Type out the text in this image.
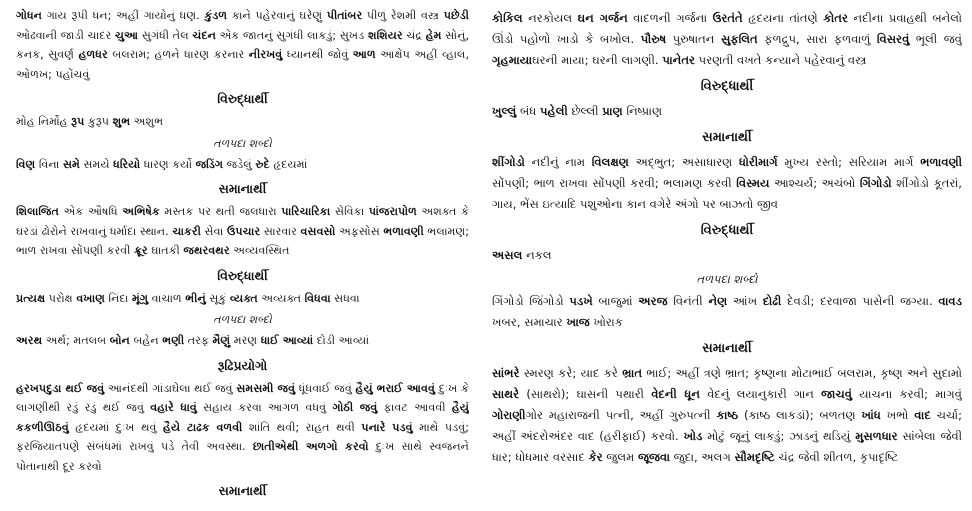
ગોધન ગાય રૂપી ધન; અહીં ગાયોનું ધણ. કુંડળ કાને પહેરવાનું ઘરેણું પીતાંબર પીળું રેશમી વસ્ત્ર પછેડી ઓઢવાની જાડી ચાદર ચુઆ સુગંધી તેલ ચંદન એક જાતનું સુગંધી લાકડું; સુખડ શશિયર ચંદ્ર હેમ સોનું, કનક, સુવર્ણ હળધર બલરામ; હળને ધારણ કરનાર નીરખવું ધ્યાનથી જોવું આળ આક્ષેપ અહીં વ્હાલ, ઓળખ; પહોંચવું

વિરુદ્ધાર્થી

મોહ નિર્મોહ રૂપ કુરૂપ શુભ અશુભ

તળપદા શબ્દો

વિણ વિના સમે સમયે ધરિયો ધારણ કર્યો જડિંગ જડેલું રુદે હૃદયમાં

સમાનાર્થી

શિલાજિત એક ઔષધિ અભિષેક મસ્તક પર થતી જલધારા પારિચારિકા સેવિકા પાંજરાપોળ અશક્ત કે ઘરડાં ઢોરોને રાખવાનું ધર્માદા સ્થાન. ચાકરી સેવા ઉપચાર સારવાર વસવસો અફસોસ ભળાવણી ભલામણ; ભાળ રાખવા સોંપણી કરવી ક્રૂર ઘાતકી જથરવથર અવ્યવસ્થિત

વિરુદ્ધાર્થી

પ્રત્યક્ષ પરોક્ષ વખાણ નિંદા મૂંગુ વાચાળ ભીનું સૂકું વ્યક્ત અવ્યક્ત વિધવા સધવા

તળપદા શબ્દો

અરથ અર્થ; મતલબ બોન બહેન ભણી તરફ મૈણું મરણ ધાઈ આવ્યાં દોડી આવ્યાં

રૂઢિપ્રયોગો

હરખપદુડા થઈ જવું આનંદથી ગાંડાઘેલા થઈ જવું સમસમી જવું ધૂંધવાઈ જવું હૈયું ભરાઈ આવવું દુઃખ કે લાગણીથી રડું રડું થઈ જવું વહારે ધાવું સહાય કરવા આગળ વધવું ગોઠી જવું ફાવટ આવવી હૈયું કકળીઊઠવું હૃદયમાં દુઃખ થવું હૈયે ટાઢક વળવી શાંતિ થવી; રાહત થવી પનારે પડવું માથે પડવું; ફરજિયાતપણે સંબંધમાં રાખવું પડે તેવી અવસ્થા. છાતીએથી અળગો કરવો દુઃખ સાથે સ્વજનને પોતાનાથી દૂર કરવો

સમાનાર્થી

કોકિલ નરકોયલ ઘન ગર્જન વાદળની ગર્જના ઉરતંતે હૃદયના તાંતણે કોતર નદીના પ્રવાહથી બનેલો ઊંડો પહોળો ખાડો કે બખોલ. પૌરુષ પુરુષાતન સુફલિત ફળદ્રુપ, સારા ફળવાળું વિસરવું ભૂલી જવું ગૃહમાયાઘરની માયા; ઘરની લાગણી. પાનેતર પરણતી વખતે કન્યાને પહેરવાનું વસ્ત્ર

વિરુદ્ધાર્થી

ખુલ્લું બંધ પહેલી છેલ્લી પ્રાણ નિષ્પ્રાણ

સમાનાર્થી

શીંગોડો નદીનું નામ વિલક્ષણ અદ્ભુત; અસાધારણ ધોરીમાર્ગ મુખ્ય રસ્તો; સરિયામ માર્ગ ભળાવણી સોંપણી; ભાળ રાખવા સોંપણી કરવી; ભલામણ કરવી વિસ્મય આશ્ચર્ય; અચંબો ગિંગોડો શીંગોડો કૂતરાં, ગાય, ભેંસ ઇત્યાદિ પશુઓના કાન વગેરે અંગો પર બાઝતો જીવ

વિરુદ્ધાર્થી

અસલ નકલ

તળપદા શબ્દો

ગિંગોડો જિંગોડો પડખે બાજુમાં અરજ વિનંતી નેણ આંખ દોઢી દેવડી; દરવાજા પાસેની જગ્યા. વાવડ ખબર, સમાચાર ખાજ ખોરાક

સમાનાર્થી

સાંભરે સ્મરણ કરે; યાદ કરે ભ્રાત ભાઈ; અહીં ત્રણે ભ્રાત; કૃષ્ણના મોટાભાઈ બલરામ, કૃષ્ણ અને સુદામો સાથરે (સાથરો); ઘાસની પથારી વેદની ધૂન વેદનું લયાનુકારી ગાન જાચવું યાચના કરવી; માગવું ગોરાણીગોર મહારાજની પત્ની, અહીં ગુરુપત્ની કાષ્ઠ (કાષ્ઠ લાકડાં); બળતણ ખાંધ ખભો વાદ ચર્ચા; અહીં અંદરોઅંદર વાદ (હરીફાઈ) કરવો. ખોડ મોટું જૂનું લાકડું; ઝાડનું થડિયું મુસળધાર સાંબેલા જેવી ધાર; ધોધમાર વરસાદ કેર જુલમ જૂજવા જુદા, અલગ સૌમદૃષ્ટિ ચંદ્ર જેવી શીતળ, કૃપાદૃષ્ટિ
